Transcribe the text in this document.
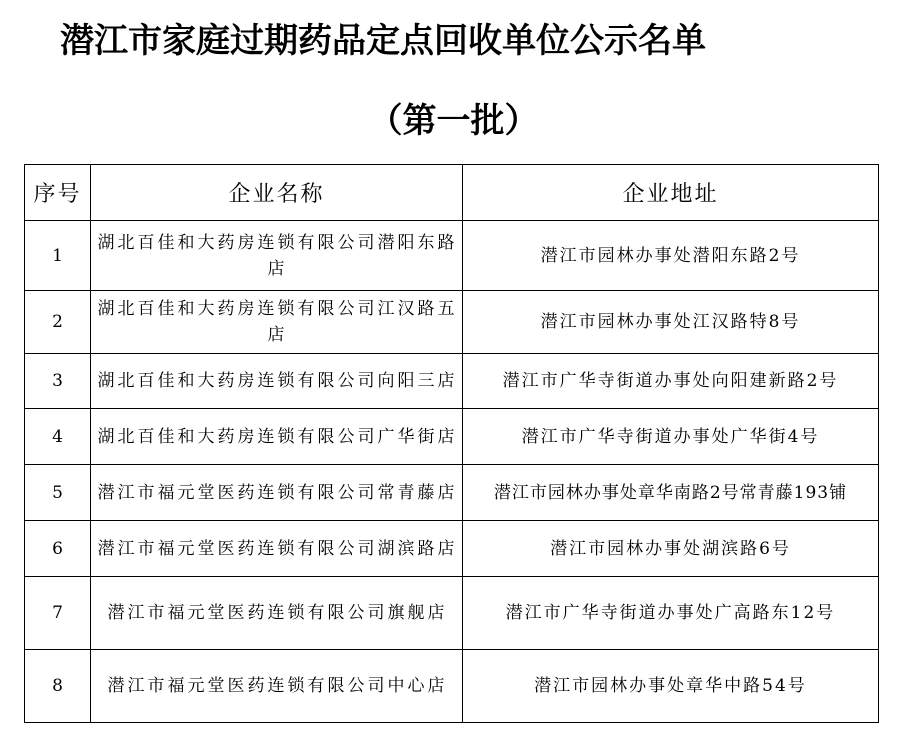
潜江市家庭过期药品定点回收单位公示名单
（第一批）
序号	企业名称	企业地址
1	湖北百佳和大药房连锁有限公司潜阳东路店	潜江市园林办事处潜阳东路2号
2	湖北百佳和大药房连锁有限公司江汉路五店	潜江市园林办事处江汉路特8号
3	湖北百佳和大药房连锁有限公司向阳三店	潜江市广华寺街道办事处向阳建新路2号
4	湖北百佳和大药房连锁有限公司广华街店	潜江市广华寺街道办事处广华街4号
5	潜江市福元堂医药连锁有限公司常青藤店	潜江市园林办事处章华南路2号常青藤193铺
6	潜江市福元堂医药连锁有限公司湖滨路店	潜江市园林办事处湖滨路6号
7	潜江市福元堂医药连锁有限公司旗舰店	潜江市广华寺街道办事处广高路东12号
8	潜江市福元堂医药连锁有限公司中心店	潜江市园林办事处章华中路54号
